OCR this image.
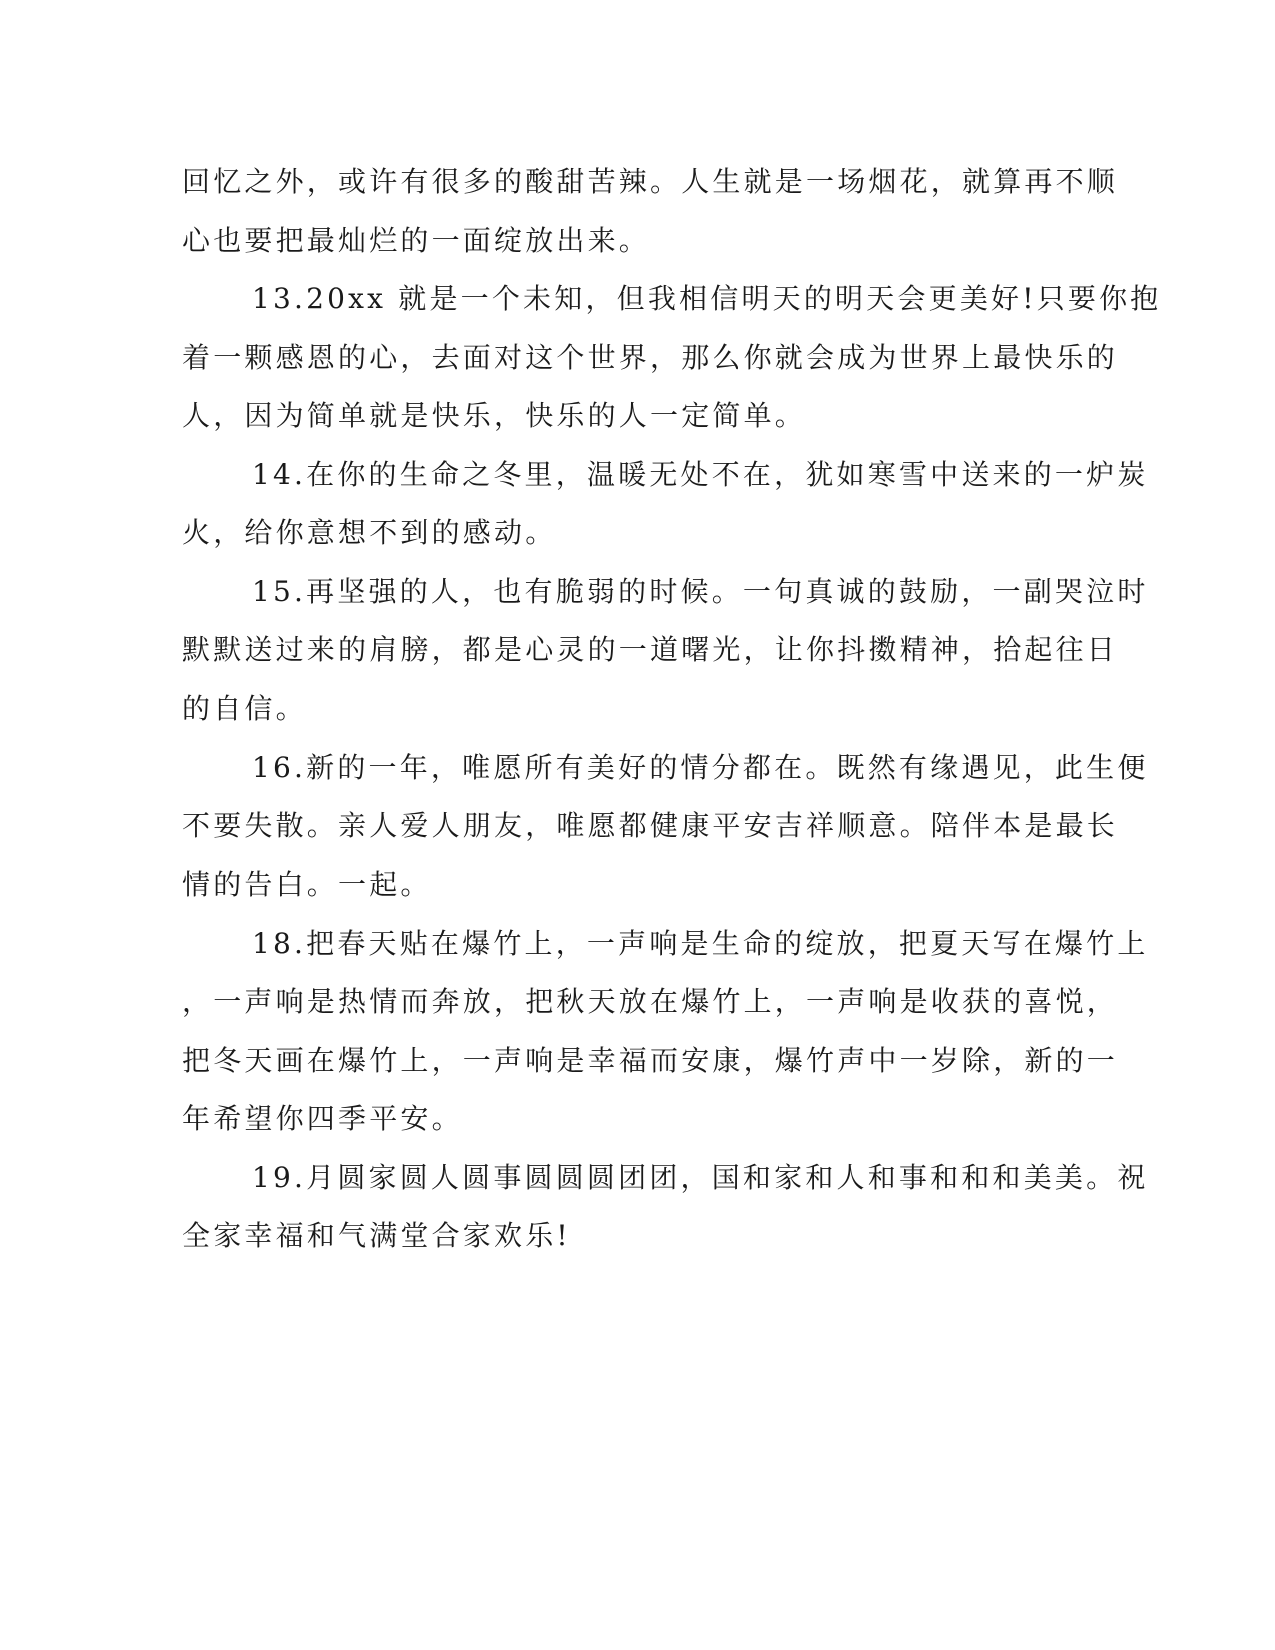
回忆之外，或许有很多的酸甜苦辣。人生就是一场烟花，就算再不顺
心也要把最灿烂的一面绽放出来。
13.20xx 就是一个未知，但我相信明天的明天会更美好!只要你抱
着一颗感恩的心，去面对这个世界，那么你就会成为世界上最快乐的
人，因为简单就是快乐，快乐的人一定简单。
14.在你的生命之冬里，温暖无处不在，犹如寒雪中送来的一炉炭
火，给你意想不到的感动。
15.再坚强的人，也有脆弱的时候。一句真诚的鼓励，一副哭泣时
默默送过来的肩膀，都是心灵的一道曙光，让你抖擞精神，拾起往日
的自信。
16.新的一年，唯愿所有美好的情分都在。既然有缘遇见，此生便
不要失散。亲人爱人朋友，唯愿都健康平安吉祥顺意。陪伴本是最长
情的告白。一起。
18.把春天贴在爆竹上，一声响是生命的绽放，把夏天写在爆竹上
，一声响是热情而奔放，把秋天放在爆竹上，一声响是收获的喜悦，
把冬天画在爆竹上，一声响是幸福而安康，爆竹声中一岁除，新的一
年希望你四季平安。
19.月圆家圆人圆事圆圆圆团团，国和家和人和事和和和美美。祝
全家幸福和气满堂合家欢乐!
